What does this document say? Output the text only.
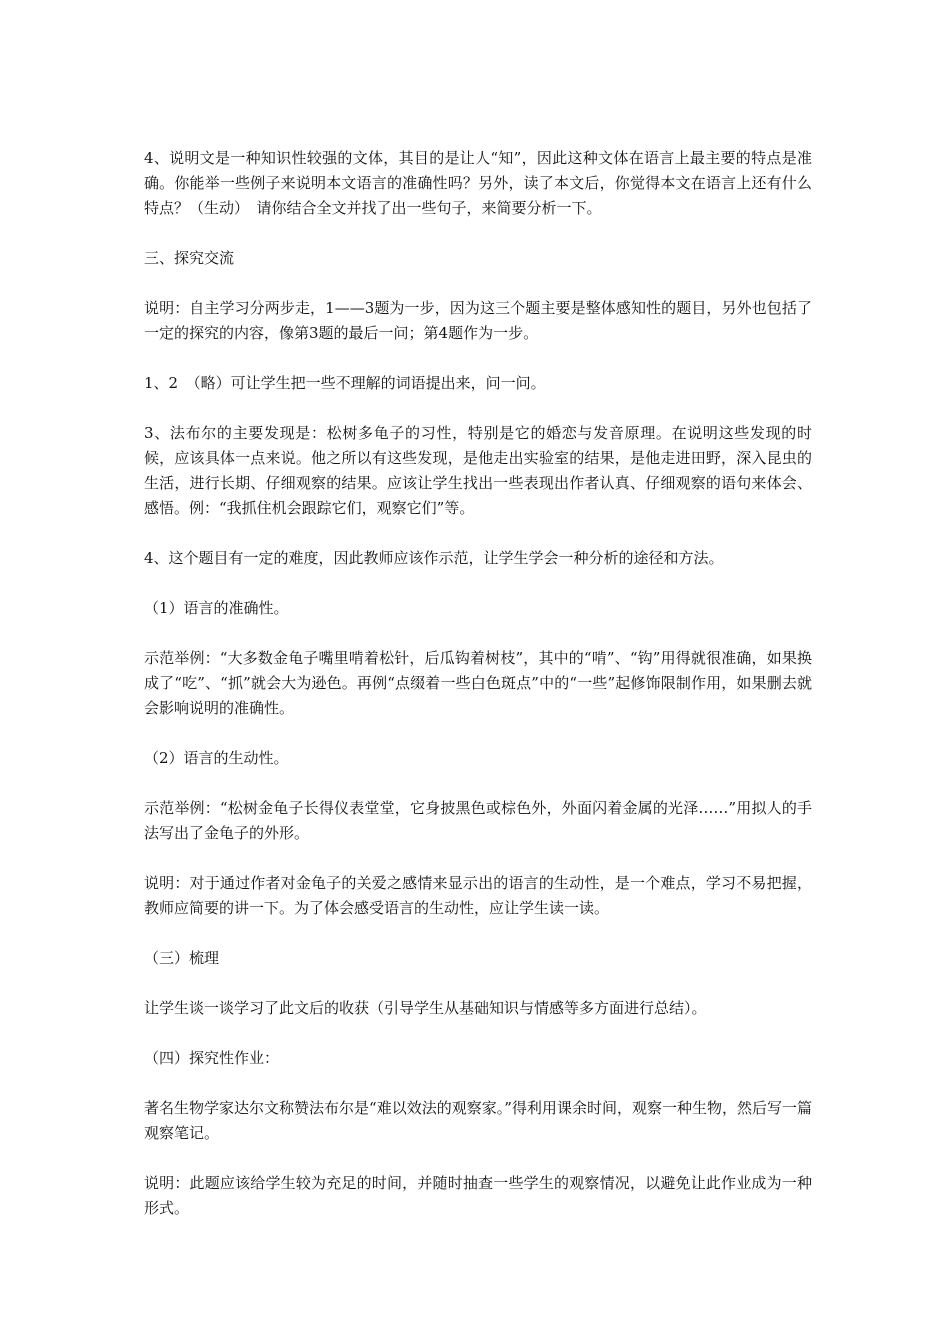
4、说明文是一种知识性较强的文体，其目的是让人“知”，因此这种文体在语言上最主要的特点是准确。你能举一些例子来说明本文语言的准确性吗？另外，读了本文后，你觉得本文在语言上还有什么特点？（生动）　请你结合全文并找了出一些句子，来简要分析一下。

三、探究交流

说明：自主学习分两步走，1——3题为一步，因为这三个题主要是整体感知性的题目，另外也包括了一定的探究的内容，像第3题的最后一问；第4题作为一步。

1、2　（略）可让学生把一些不理解的词语提出来，问一问。

3、法布尔的主要发现是：松树多龟子的习性，特别是它的婚恋与发音原理。在说明这些发现的时候，应该具体一点来说。他之所以有这些发现，是他走出实验室的结果，是他走进田野，深入昆虫的生活，进行长期、仔细观察的结果。应该让学生找出一些表现出作者认真、仔细观察的语句来体会、感悟。例：“我抓住机会跟踪它们，观察它们”等。

4、这个题目有一定的难度，因此教师应该作示范，让学生学会一种分析的途径和方法。

（1）语言的准确性。

示范举例：“大多数金龟子嘴里啃着松针，后瓜钩着树枝”，其中的“啃”、“钩”用得就很准确，如果换成了“吃”、“抓”就会大为逊色。再例“点缀着一些白色斑点”中的“一些”起修饰限制作用，如果删去就会影响说明的准确性。

（2）语言的生动性。

示范举例：“松树金龟子长得仪表堂堂，它身披黑色或棕色外，外面闪着金属的光泽……”用拟人的手法写出了金龟子的外形。

说明：对于通过作者对金龟子的关爱之感情来显示出的语言的生动性，是一个难点，学习不易把握，教师应简要的讲一下。为了体会感受语言的生动性，应让学生读一读。

（三）梳理

让学生谈一谈学习了此文后的收获（引导学生从基础知识与情感等多方面进行总结）。

（四）探究性作业：

著名生物学家达尔文称赞法布尔是“难以效法的观察家。”得利用课余时间，观察一种生物，然后写一篇观察笔记。

说明：此题应该给学生较为充足的时间，并随时抽查一些学生的观察情况，以避免让此作业成为一种形式。
